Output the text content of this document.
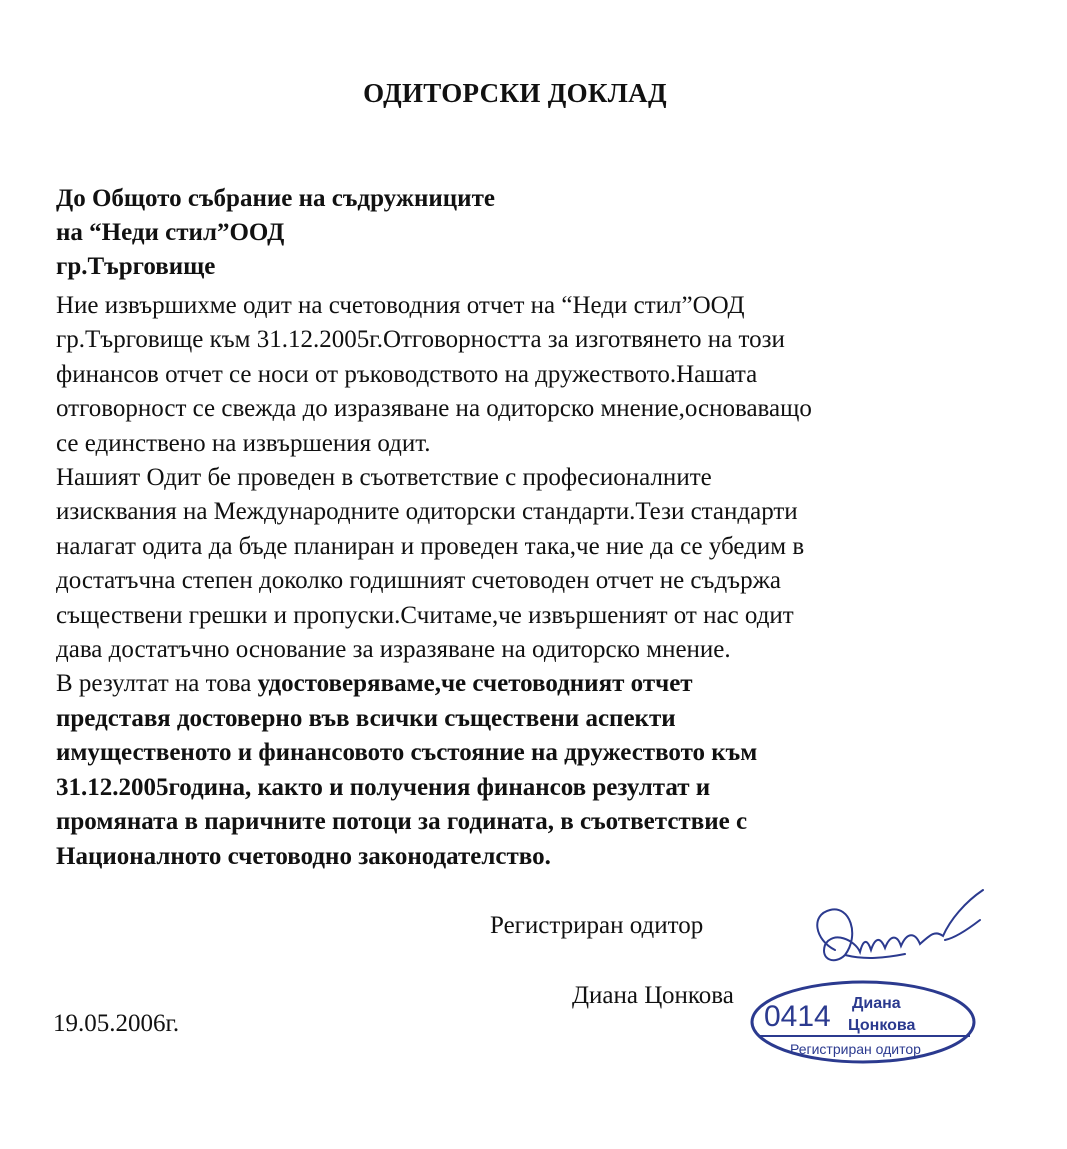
ОДИТОРСКИ ДОКЛАД
До Общото събрание на съдружниците
на “Неди стил”ООД
гр.Търговище
Ние извършихме одит на счетоводния отчет на “Неди стил”ООД
гр.Търговище към 31.12.2005г.Отговорността за изготвянето на този
финансов отчет се носи от ръководството на дружеството.Нашата
отговорност се свежда до изразяване на одиторско мнение,основаващо
се единствено на извършения одит.
Нашият Одит бе проведен в съответствие с професионалните
изисквания на Международните одиторски стандарти.Тези стандарти
налагат одита да бъде планиран и проведен така,че ние да се убедим в
достатъчна степен доколко годишният счетоводен отчет не съдържа
съществени грешки и пропуски.Считаме,че извършеният от нас одит
дава достатъчно основание за изразяване на одиторско мнение.
В резултат на това удостоверяваме,че счетоводният отчет
представя достоверно във всички съществени аспекти
имущественото и финансовото състояние на дружеството към
31.12.2005година, както и получения финансов резултат и
промяната в паричните потоци за годината, в съответствие с
Националното счетоводно законодателство.
Регистриран одитор
Диана Цонкова
0414 Диана
Цонкова
Регистриран одитор
19.05.2006г.
